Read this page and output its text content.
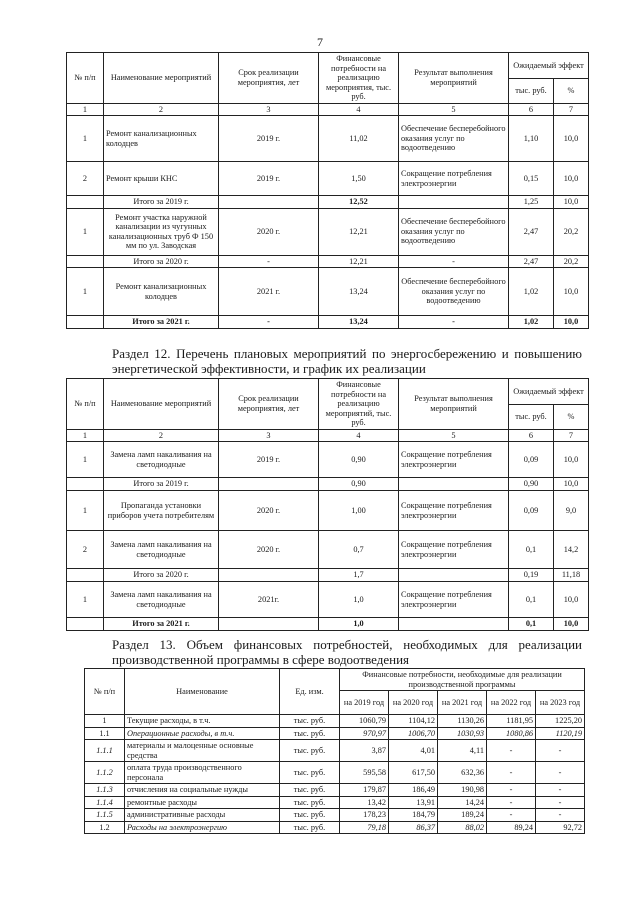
7
№ п/п	Наименование мероприятий	Срок реализации мероприятия, лет	Финансовые потребности на реализацию мероприятия, тыс. руб.	Результат выполнения мероприятий	Ожидаемый эффект	
					тыс. руб.	%
1	2	3	4	5	6	7
1	Ремонт канализационных колодцев	2019 г.	11,02	Обеспечение бесперебойного оказания услуг по водоотведению	1,10	10,0
2	Ремонт крыши КНС	2019 г.	1,50	Сокращение потребления электроэнергии	0,15	10,0
	Итого за 2019 г.		12,52		1,25	10,0
1	Ремонт участка наружной канализации из чугунных канализационных труб Ф 150 мм по ул. Заводская	2020 г.	12,21	Обеспечение бесперебойного оказания услуг по водоотведению	2,47	20,2
	Итого за 2020 г.	-	12,21	-	2,47	20,2
1	Ремонт канализационных колодцев	2021 г.	13,24	Обеспечение бесперебойного оказания услуг по водоотведению	1,02	10,0
	Итого за 2021 г.	-	13,24	-	1,02	10,0

Раздел 12. Перечень плановых мероприятий по энергосбережению и повышению энергетической эффективности, и график их реализации

№ п/п	Наименование мероприятий	Срок реализации мероприятия, лет	Финансовые потребности на реализацию мероприятий, тыс. руб.	Результат выполнения мероприятий	Ожидаемый эффект	
					тыс. руб.	%
1	2	3	4	5	6	7
1	Замена ламп накаливания на светодиодные	2019 г.	0,90	Сокращение потребления электроэнергии	0,09	10,0
	Итого за 2019 г.		0,90		0,90	10,0
1	Пропаганда установки приборов учета потребителям	2020 г.	1,00	Сокращение потребления электроэнергии	0,09	9,0
2	Замена ламп накаливания на светодиодные	2020 г.	0,7	Сокращение потребления электроэнергии	0,1	14,2
	Итого за 2020 г.		1,7		0,19	11,18
1	Замена ламп накаливания на светодиодные	2021г.	1,0	Сокращение потребления электроэнергии	0,1	10,0
	Итого за 2021 г.		1,0		0,1	10,0

Раздел 13. Объем финансовых потребностей, необходимых для реализации производственной программы в сфере водоотведения

№ п/п	Наименование	Ед. изм.	Финансовые потребности, необходимые для реализации производственной программы				
			на 2019 год	на 2020 год	на 2021 год	на 2022 год	на 2023 год
1	Текущие расходы, в т.ч.	тыс. руб.	1060,79	1104,12	1130,26	1181,95	1225,20
1.1	Операционные расходы, в т.ч.	тыс. руб.	970,97	1006,70	1030,93	1080,86	1120,19
1.1.1	материалы и малоценные основные средства	тыс. руб.	3,87	4,01	4,11	-	-
1.1.2	оплата труда производственного персонала	тыс. руб.	595,58	617,50	632,36	-	-
1.1.3	отчисления на социальные нужды	тыс. руб.	179,87	186,49	190,98	-	-
1.1.4	ремонтные расходы	тыс. руб.	13,42	13,91	14,24	-	-
1.1.5	административные расходы	тыс. руб.	178,23	184,79	189,24	-	-
1.2	Расходы на электроэнергию	тыс. руб.	79,18	86,37	88,02	89,24	92,72
